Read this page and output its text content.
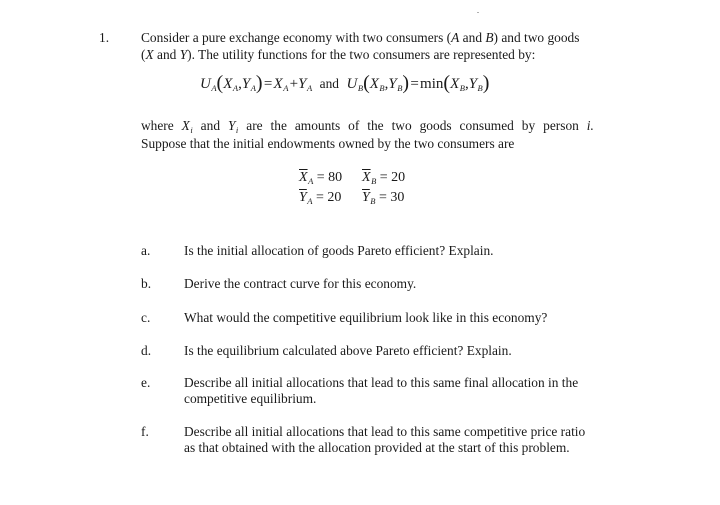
1. Consider a pure exchange economy with two consumers (A and B) and two goods
(X and Y). The utility functions for the two consumers are represented by:
$U_A(X_A,Y_A)$ = $X_A$ $+Y_A$ and $U_B(X_B,Y_B)$ = $\min(X_B,Y_B)$
where $X_i$ and $Y_i$ are the amounts of the two goods consumed by person i.
Suppose that the initial endowments owned by the two consumers are
$\overline{X}_A = 80$ $\overline{X}_B = 20$
$\overline{Y}_A = 20$ $\overline{Y}_B = 30$
a.	Is the initial allocation of goods Pareto efficient? Explain.
b. Derive the contract curve for this economy.
c.	What would the competitive equilibrium look like in this economy?
d. Is the equilibrium calculated above Pareto efficient? Explain.
e.	Describe all initial allocations that lead to this same final allocation in the
competitive equilibrium.
f.	Describe all initial allocations that lead to this same competitive price ratio
as that obtained with the allocation provided at the start of this problem.
